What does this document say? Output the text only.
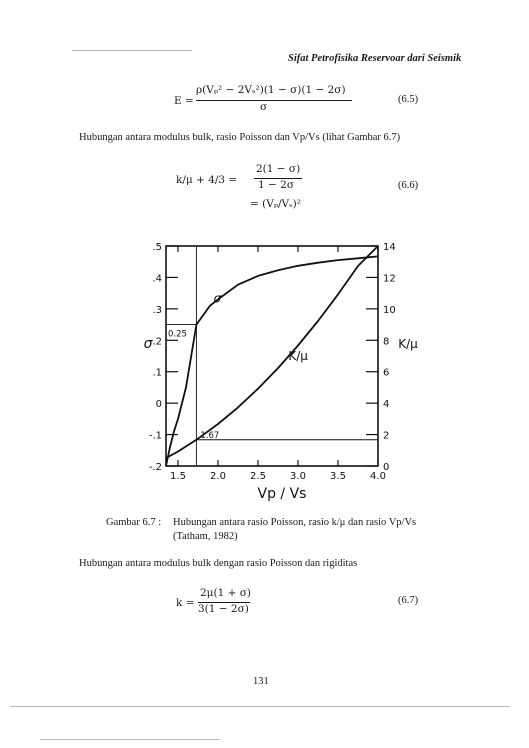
Sifat Petrofisika Reservoar dari Seismik
E =
ρ(Vₚ² − 2Vₛ²)(1 − σ)(1 − 2σ)
σ
(6.5)
Hubungan antara modulus bulk, rasio Poisson dan Vp/Vs (lihat Gambar 6.7)
k/μ + 4/3 =
2(1 − σ)
1 − 2σ
= (Vₚ/Vₛ)²
(6.6)
1.5 2.0 2.5 3.0 3.5 4.0
.5
.4
.3
.2
.1
0
-.1
-.2
14
12
10
8
6
4
2
0
0.25
1.67
σ
K/μ
Vp / Vs
σ	K/μ
Gambar 6.7 : Hubungan antara rasio Poisson, rasio k/μ dan rasio Vp/Vs
(Tatham, 1982)
Hubungan antara modulus bulk dengan rasio Poisson dan rigiditas
k =
2μ(1 + σ)
3(1 − 2σ)
(6.7)
131
